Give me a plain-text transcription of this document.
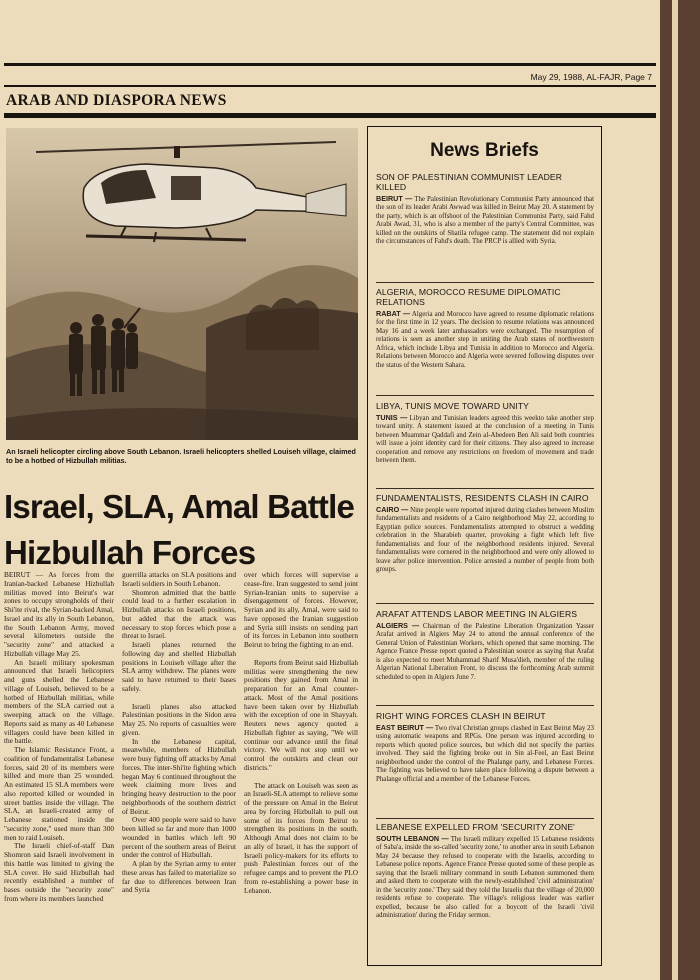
May 29, 1988, AL-FAJR, Page 7
ARAB AND DIASPORA NEWS
An Israeli helicopter circling above South Lebanon. Israeli helicopters shelled Louiseh village, claimed to be a hotbed of Hizbullah militias.
Israel, SLA, Amal Battle
Hizbullah Forces

BEIRUT — As forces from the Iranian-backed Lebanese Hizbullah militias moved into Beirut's war zones to occupy strongholds of their Shi'ite rival, the Syrian-backed Amal, Israel and its ally in South Lebanon, the South Lebanon Army, moved several kilometers outside the "security zone" and attacked a Hizbullah village May 25.

An Israeli military spokesman announced that Israeli helicopters and guns shelled the Lebanese village of Louiseh, believed to be a hotbed of Hizbullah militias, while members of the SLA carried out a sweeping attack on the village. Reports said as many as 40 Lebanese villagers could have been killed in the battle.

The Islamic Resistance Front, a coalition of fundamentalist Lebanese forces, said 20 of its members were killed and more than 25 wounded. An estimated 15 SLA members were also reported killed or wounded in street battles inside the village. The SLA, an Israeli-created army of Lebanese stationed inside the "security zone," used more than 300 men to raid Louiseh.

The Israeli chief-of-staff Dan Shomron said Israeli involvement in this battle was limited to giving the SLA cover. He said Hizbullah had recently established a number of bases outside the "security zone" from where its members launched

guerrilla attacks on SLA positions and Israeli soldiers in South Lebanon.

Shomron admitted that the battle could lead to a further escalation in Hizbullah attacks on Israeli positions, but added that the attack was necessary to stop forces which pose a threat to Israel.

Israeli planes returned the following day and shelled Hizbullah positions in Louiseh village after the SLA army withdrew. The planes were said to have returned to their bases safely.

Israeli planes also attacked Palestinian positions in the Sidon area May 25. No reports of casualties were given.

In the Lebanese capital, meanwhile, members of Hizbullah were busy fighting off attacks by Amal forces. The inter-Shi'ite fighting which began May 6 continued throughout the week claiming more lives and bringing heavy destruction to the poor neighborhoods of the southern district of Beirut.

Over 400 people were said to have been killed so far and more than 1000 wounded in battles which left 90 percent of the southern areas of Beirut under the control of Hizbullah.

A plan by the Syrian army to enter these areas has failed to materialize so far due to differences between Iran and Syria

over which forces will supervise a cease-fire. Iran suggested to send joint Syrian-Iranian units to supervise a disengagement of forces. However, Syrian and its ally, Amal, were said to have opposed the Iranian suggestion and Syria still insists on sending part of its forces in Lebanon into southern Beirut to bring the fighting to an end.

Reports from Beirut said Hizbullah militias were strengthening the new positions they gained from Amal in preparation for an Amal counter-attack. Most of the Amal positions have been taken over by Hizbullah with the exception of one in Shayyah. Reuters news agency quoted a Hizbullah fighter as saying, "We will continue our advance until the final victory. We will not stop until we control the outskirts and clean our districts."

The attack on Louiseh was seen as an Israeli-SLA attempt to relieve some of the pressure on Amal in the Beirut area by forcing Hizbullah to pull out some of its forces from Beirut to strengthen its positions in the south. Although Amal does not claim to be an ally of Israel, it has the support of Israeli policy-makers for its efforts to push Palestinian forces out of the refugee camps and to prevent the PLO from re-establishing a power base in Lebanon.

News Briefs
SON OF PALESTINIAN COMMUNIST LEADER KILLED

BEIRUT — The Palestinian Revolutionary Communist Party announced that the son of its leader Arabi Awwad was killed in Beirut May 20. A statement by the party, which is an offshoot of the Palestinian Communist Party, said Fahd Arabi Awad, 31, who is also a member of the party's Central Committee, was killed on the outskirts of Shatila refugee camp. The statement did not explain the circumstances of Fahd's death. The PRCP is allied with Syria.

ALGERIA, MOROCCO RESUME DIPLOMATIC RELATIONS

RABAT — Algeria and Morocco have agreed to resume diplomatic relations for the first time in 12 years. The decision to resume relations was announced May 16 and a week later ambassadors were exchanged. The resumption of relations is seen as another step in uniting the Arab states of northwestern Africa, which include Libya and Tunisia in addition to Morocco and Algeria. Relations between Morocco and Algeria were severed following disputes over the status of the Western Sahara.

LIBYA, TUNIS MOVE TOWARD UNITY

TUNIS — Libyan and Tunisian leaders agreed this weekto take another step toward unity. A statement issued at the conclusion of a meeting in Tunis between Muammar Qaddafi and Zein al-Abedeen Ben Ali said both countries will issue a joint identity card for their citizens. They also agreed to increase cooperation and remove any restrictions on freedom of movement and trade between them.

FUNDAMENTALISTS, RESIDENTS CLASH IN CAIRO

CAIRO — Nine people were reported injured during clashes between Muslim fundamentalists and residents of a Cairo neighborhood May 22, according to Egyptian police sources. Fundamentalists attempted to obstruct a wedding celebration in the Sharabieh quarter, provoking a fight which left five fundamentalists and four of the neighborhood residents injured. Several fundamentalists were cornered in the neighborhood and were only allowed to leave after police intervention. Police arrested a number of people from both groups.

ARAFAT ATTENDS LABOR MEETING IN ALGIERS

ALGIERS — Chairman of the Palestine Liberation Organization Yasser Arafat arrived in Algiers May 24 to attend the annual conference of the General Union of Palestinian Workers, which opened that same morning. The Agence France Presse report quoted a Palestinian source as saying that Arafat is also expected to meet Muhammad Sharif Musa'dieh, member of the ruling Algerian National Liberation Front, to discuss the forthcoming Arab summit scheduled to open in Algiers June 7.

RIGHT WING FORCES CLASH IN BEIRUT

EAST BEIRUT — Two rival Christian groups clashed in East Beirut May 23 using automatic weapons and RPGs. One person was injured according to reports which quoted police sources, but which did not specify the parties involved. They said the fighting broke out in Sin al-Feel, an East Beirut neighborhood under the control of the Phalange party, and Lebanese Forces. The fighting was believed to have taken place following a dispute between a Phalange official and a member of the Lebanese Forces.

LEBANESE EXPELLED FROM 'SECURITY ZONE'

SOUTH LEBANON — The Israeli military expelled 15 Lebanese residents of Saba'a, inside the so-called 'security zone,' to another area in south Lebanon May 24 because they refused to cooperate with the Israelis, according to Lebanese police reports. Agence France Presse quoted some of these people as saying that the Israeli military command in south Lebanon summoned them and asked them to cooperate with the newly-established 'civil administration' in the 'security zone.' They said they told the Israelis that the village of 20,000 residents refuse to cooperate. The village's religious leader was earlier expelled, because he also called for a boycott of the Israeli 'civil administration' during the Friday sermon.
